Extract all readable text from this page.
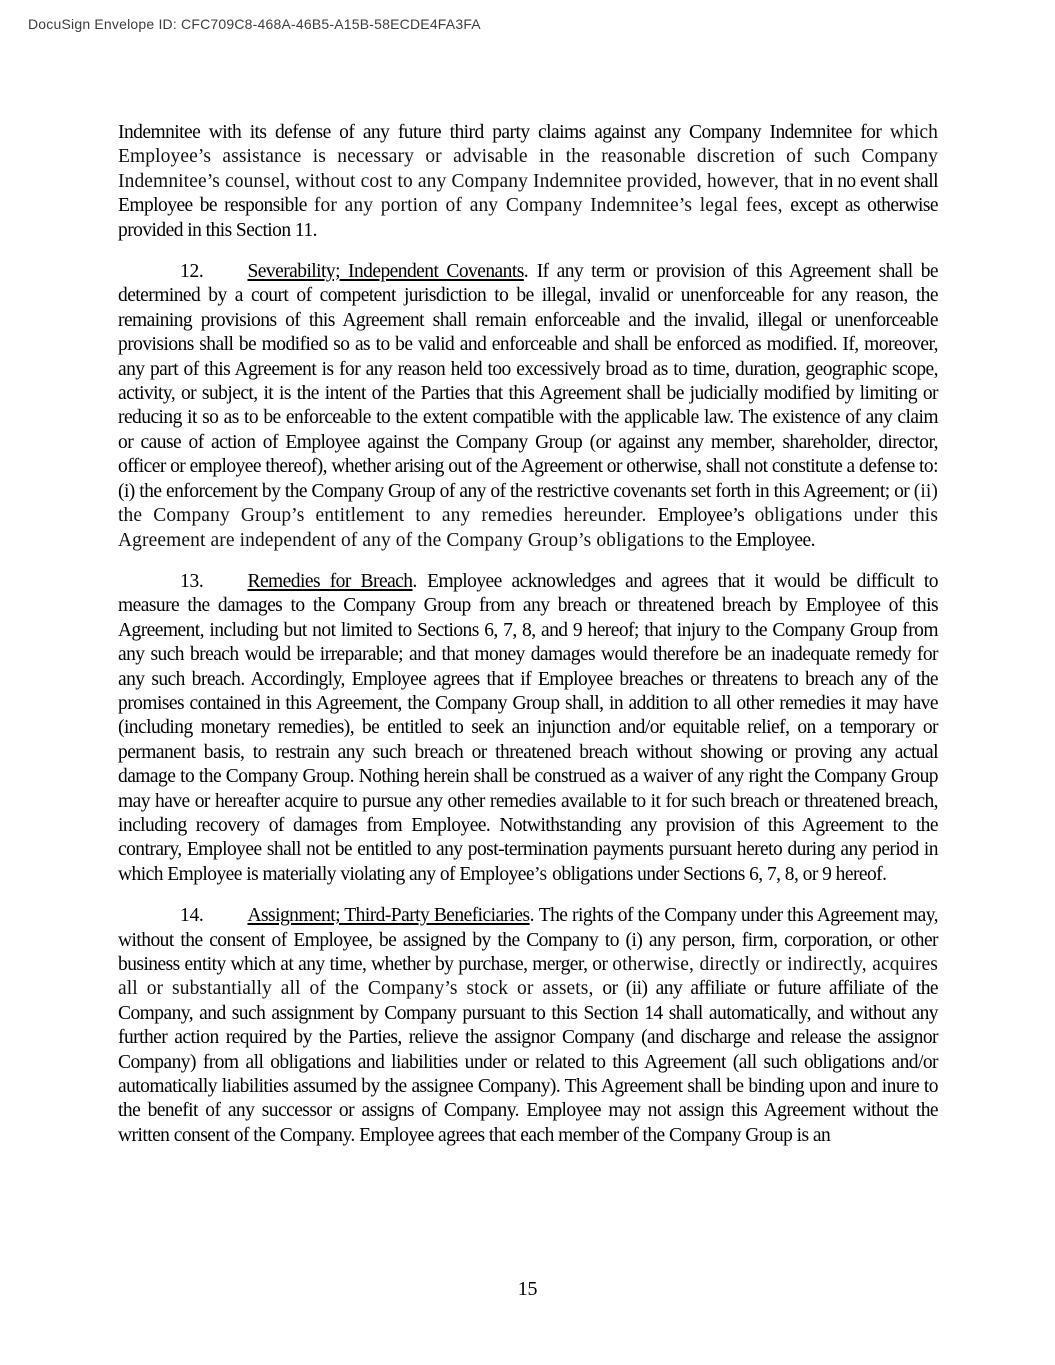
DocuSign Envelope ID: CFC709C8-468A-46B5-A15B-58ECDE4FA3FA

Indemnitee with its defense of any future third party claims against any Company Indemnitee for which Employee’s assistance is necessary or advisable in the reasonable discretion of such Company Indemnitee’s counsel, without cost to any Company Indemnitee provided, however, that in no event shall Employee be responsible for any portion of any Company Indemnitee’s legal fees, except as otherwise provided in this Section 11.

12. Severability; Independent Covenants. If any term or provision of this Agreement shall be determined by a court of competent jurisdiction to be illegal, invalid or unenforceable for any reason, the remaining provisions of this Agreement shall remain enforceable and the invalid, illegal or unenforceable provisions shall be modified so as to be valid and enforceable and shall be enforced as modified. If, moreover, any part of this Agreement is for any reason held too excessively broad as to time, duration, geographic scope, activity, or subject, it is the intent of the Parties that this Agreement shall be judicially modified by limiting or reducing it so as to be enforceable to the extent compatible with the applicable law. The existence of any claim or cause of action of Employee against the Company Group (or against any member, shareholder, director, officer or employee thereof), whether arising out of the Agreement or otherwise, shall not constitute a defense to: (i) the enforcement by the Company Group of any of the restrictive covenants set forth in this Agreement; or (ii) the Company Group’s entitlement to any remedies hereunder. Employee’s obligations under this Agreement are independent of any of the Company Group’s obligations to the Employee.

13. Remedies for Breach. Employee acknowledges and agrees that it would be difficult to measure the damages to the Company Group from any breach or threatened breach by Employee of this Agreement, including but not limited to Sections 6, 7, 8, and 9 hereof; that injury to the Company Group from any such breach would be irreparable; and that money damages would therefore be an inadequate remedy for any such breach. Accordingly, Employee agrees that if Employee breaches or threatens to breach any of the promises contained in this Agreement, the Company Group shall, in addition to all other remedies it may have (including monetary remedies), be entitled to seek an injunction and/or equitable relief, on a temporary or permanent basis, to restrain any such breach or threatened breach without showing or proving any actual damage to the Company Group. Nothing herein shall be construed as a waiver of any right the Company Group may have or hereafter acquire to pursue any other remedies available to it for such breach or threatened breach, including recovery of damages from Employee. Notwithstanding any provision of this Agreement to the contrary, Employee shall not be entitled to any post-termination payments pursuant hereto during any period in which Employee is materially violating any of Employee’s obligations under Sections 6, 7, 8, or 9 hereof.

14. Assignment; Third-Party Beneficiaries. The rights of the Company under this Agreement may, without the consent of Employee, be assigned by the Company to (i) any person, firm, corporation, or other business entity which at any time, whether by purchase, merger, or otherwise, directly or indirectly, acquires all or substantially all of the Company’s stock or assets, or (ii) any affiliate or future affiliate of the Company, and such assignment by Company pursuant to this Section 14 shall automatically, and without any further action required by the Parties, relieve the assignor Company (and discharge and release the assignor Company) from all obligations and liabilities under or related to this Agreement (all such obligations and/or automatically liabilities assumed by the assignee Company). This Agreement shall be binding upon and inure to the benefit of any successor or assigns of Company. Employee may not assign this Agreement without the written consent of the Company. Employee agrees that each member of the Company Group is an

15
